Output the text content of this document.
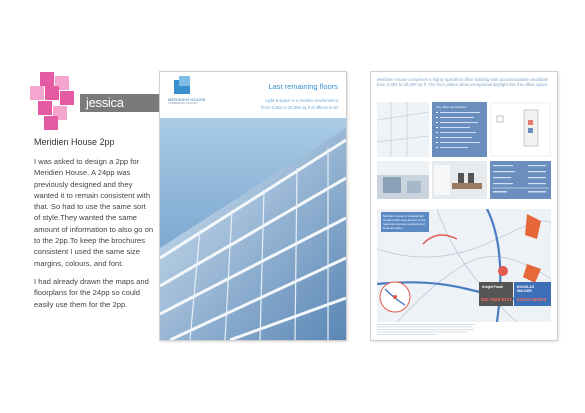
jessica freeman
Meridien House 2pp

I was asked to design a 2pp for Meridien House. A 24pp was previously designed and they wanted it to remain consistent with that. So had to use the same sort of style.They wanted the same amount of information to also go on to the 2pp.To keep the brochures consistent I used the same size margins, colours, and font.

I had already drawn the maps and floorplans for the 24pp so could easily use them for the 2pp.

MERIDIEN HOUSE
COMMERCIAL OFFICES
Last remaining floors
Light & space in a modern environment
From 3,962 to 20,806 sq ft of offices to let

Meridien House comprises a highly specified office building with accommodation available from 3,962 to 20,806 sq ft. The floor plates allow exceptional daylight into the office space.

Key office specification
Meridien House is strategically situated with easy access to the regional motorway network and local amenities.
Knight Frank
020 7629 8171
DOUGLAS WALKER
01923 250910
